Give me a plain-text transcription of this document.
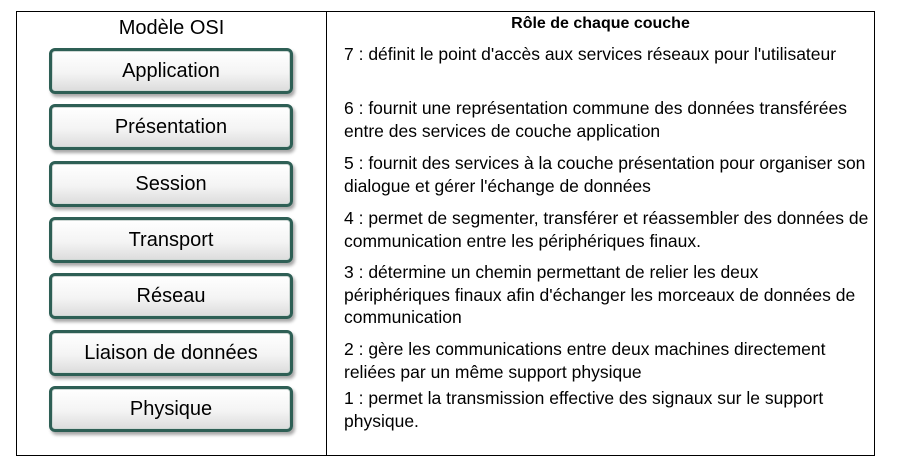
Modèle OSI
Application
Présentation
Session
Transport
Réseau
Liaison de données
Physique
Rôle de chaque couche
7 : définit le point d'accès aux services réseaux pour l'utilisateur
6 : fournit une représentation commune des données transférées entre des services de couche application
5 : fournit des services à la couche présentation pour organiser son dialogue et gérer l'échange de données
4 : permet de segmenter, transférer et réassembler des données de communication entre les périphériques finaux.
3 : détermine un chemin permettant de relier les deux périphériques finaux afin d'échanger les morceaux de données de communication
2 : gère les communications entre deux machines directement reliées par un même support physique
1 : permet la transmission effective des signaux sur le support physique.
